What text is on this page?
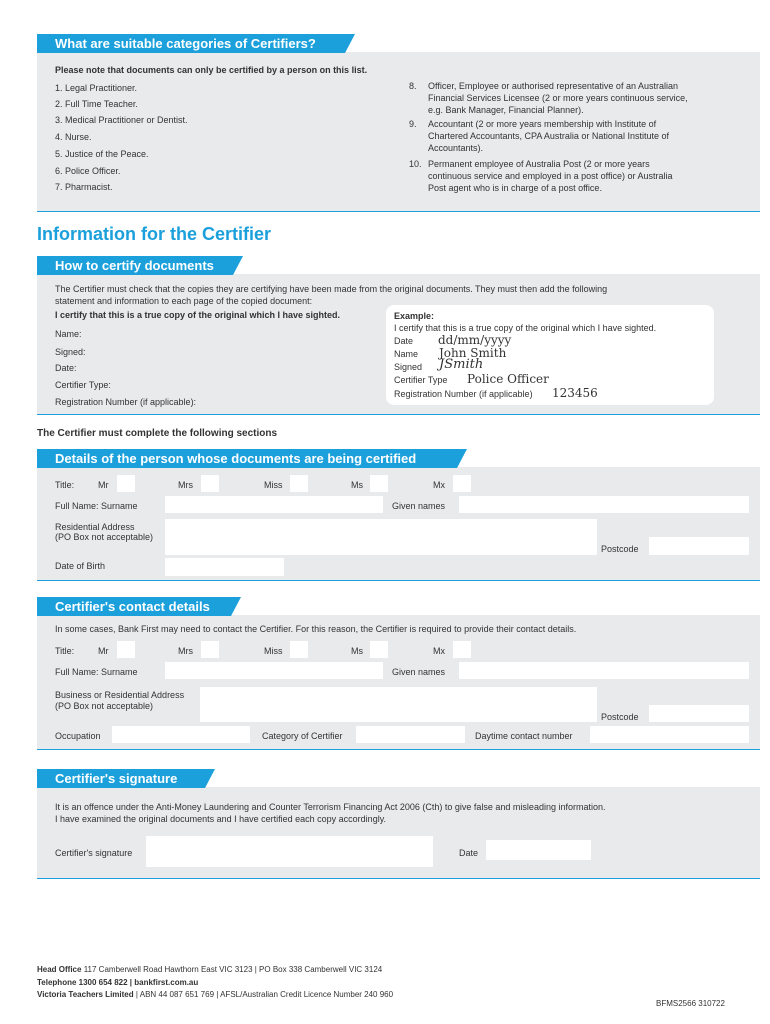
What are suitable categories of Certifiers?
Please note that documents can only be certified by a person on this list.
1. Legal Practitioner.
2. Full Time Teacher.
3. Medical Practitioner or Dentist.
4. Nurse.
5. Justice of the Peace.
6. Police Officer.
7. Pharmacist.
8. Officer, Employee or authorised representative of an Australian
Financial Services Licensee (2 or more years continuous service,
e.g. Bank Manager, Financial Planner).
9. Accountant (2 or more years membership with Institute of
Chartered Accountants, CPA Australia or National Institute of
Accountants).
10. Permanent employee of Australia Post (2 or more years
continuous service and employed in a post office) or Australia
Post agent who is in charge of a post office.
Information for the Certifier
How to certify documents
The Certifier must check that the copies they are certifying have been made from the original documents. They must then add the following
statement and information to each page of the copied document:
I certify that this is a true copy of the original which I have sighted.
Name:
Signed:
Date:
Certifier Type:
Registration Number (if applicable):
Example:
I certify that this is a true copy of the original which I have sighted.
Date dd/mm/yyyy
Name John Smith
Signed JSmith
Certifier Type Police Officer
Registration Number (if applicable) 123456
The Certifier must complete the following sections
Details of the person whose documents are being certified
Title:	Mr	Mrs	Miss	Ms	Mx
Full Name: Surname	Given names
Residential Address
(PO Box not acceptable)
Postcode
Date of Birth
Certifier's contact details
In some cases, Bank First may need to contact the Certifier. For this reason, the Certifier is required to provide their contact details.
Title:	Mr	Mrs	Miss	Ms	Mx
Full Name: Surname	Given names
Business or Residential Address
(PO Box not acceptable)
Postcode
Occupation	Category of Certifier	Daytime contact number
Certifier's signature
It is an offence under the Anti-Money Laundering and Counter Terrorism Financing Act 2006 (Cth) to give false and misleading information.
I have examined the original documents and I have certified each copy accordingly.
Certifier's signature	Date
Head Office 117 Camberwell Road Hawthorn East VIC 3123 | PO Box 338 Camberwell VIC 3124
Telephone 1300 654 822 | bankfirst.com.au
Victoria Teachers Limited | ABN 44 087 651 769 | AFSL/Australian Credit Licence Number 240 960
BFMS2566 310722
